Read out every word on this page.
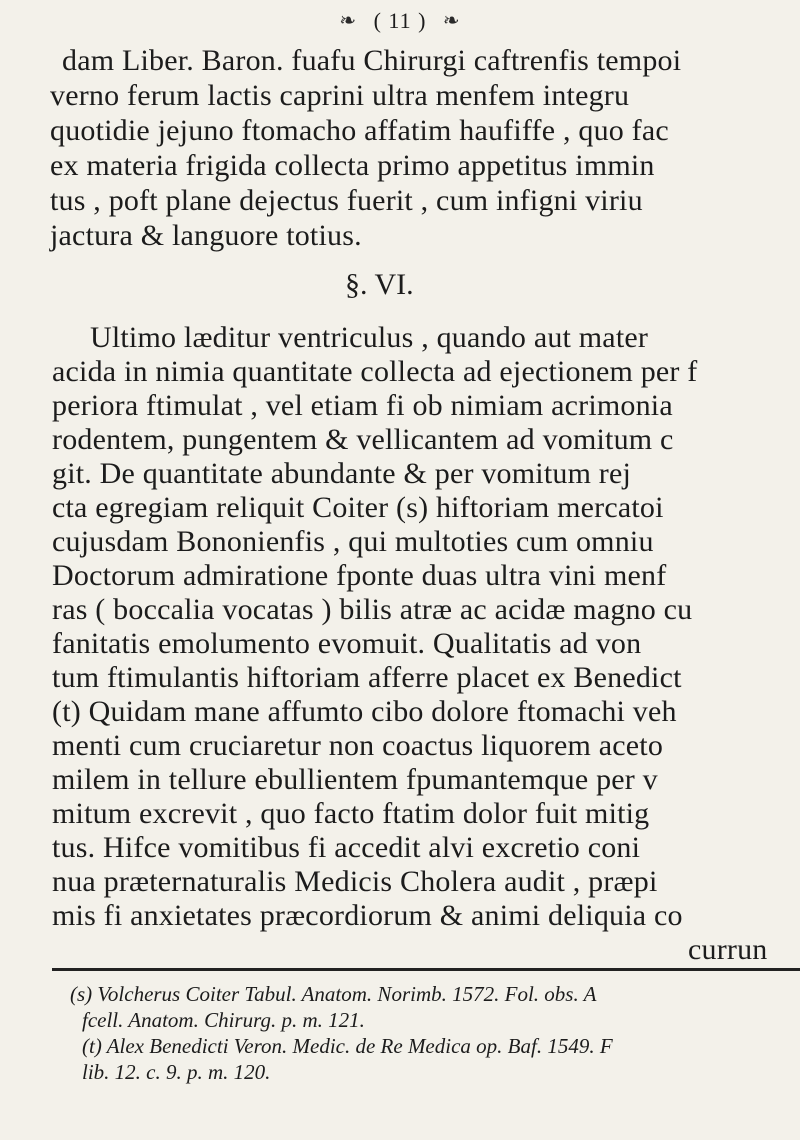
❧ ( 11 ) ❧
dam Liber. Baron. fuafu Chirurgi caftrenfis tempoi
verno ferum lactis caprini ultra menfem integru
quotidie jejuno ftomacho affatim haufiffe , quo fac
ex materia frigida collecta primo appetitus immin
tus , poft plane dejectus fuerit , cum infigni viriu
jactura & languore totius.
§. VI.
Ultimo læditur ventriculus , quando aut mater
acida in nimia quantitate collecta ad ejectionem per f
periora ftimulat , vel etiam fi ob nimiam acrimonia
rodentem, pungentem & vellicantem ad vomitum c
git. De quantitate abundante & per vomitum rej
cta egregiam reliquit Coiter (s) hiftoriam mercatoi
cujusdam Bononienfis , qui multoties cum omniu
Doctorum admiratione fponte duas ultra vini menf
ras ( boccalia vocatas ) bilis atræ ac acidæ magno cu
fanitatis emolumento evomuit. Qualitatis ad von
tum ftimulantis hiftoriam afferre placet ex Benedict
(t) Quidam mane affumto cibo dolore ftomachi veh
menti cum cruciaretur non coactus liquorem aceto
milem in tellure ebullientem fpumantemque per v
mitum excrevit , quo facto ftatim dolor fuit mitig
tus. Hifce vomitibus fi accedit alvi excretio coni
nua præternaturalis Medicis Cholera audit , præpi
mis fi anxietates præcordiorum & animi deliquia co
currun
(s) Volcherus Coiter Tabul. Anatom. Norimb. 1572. Fol. obs. A
fcell. Anatom. Chirurg. p. m. 121.
(t) Alex Benedicti Veron. Medic. de Re Medica op. Baf. 1549. F
lib. 12. c. 9. p. m. 120.
